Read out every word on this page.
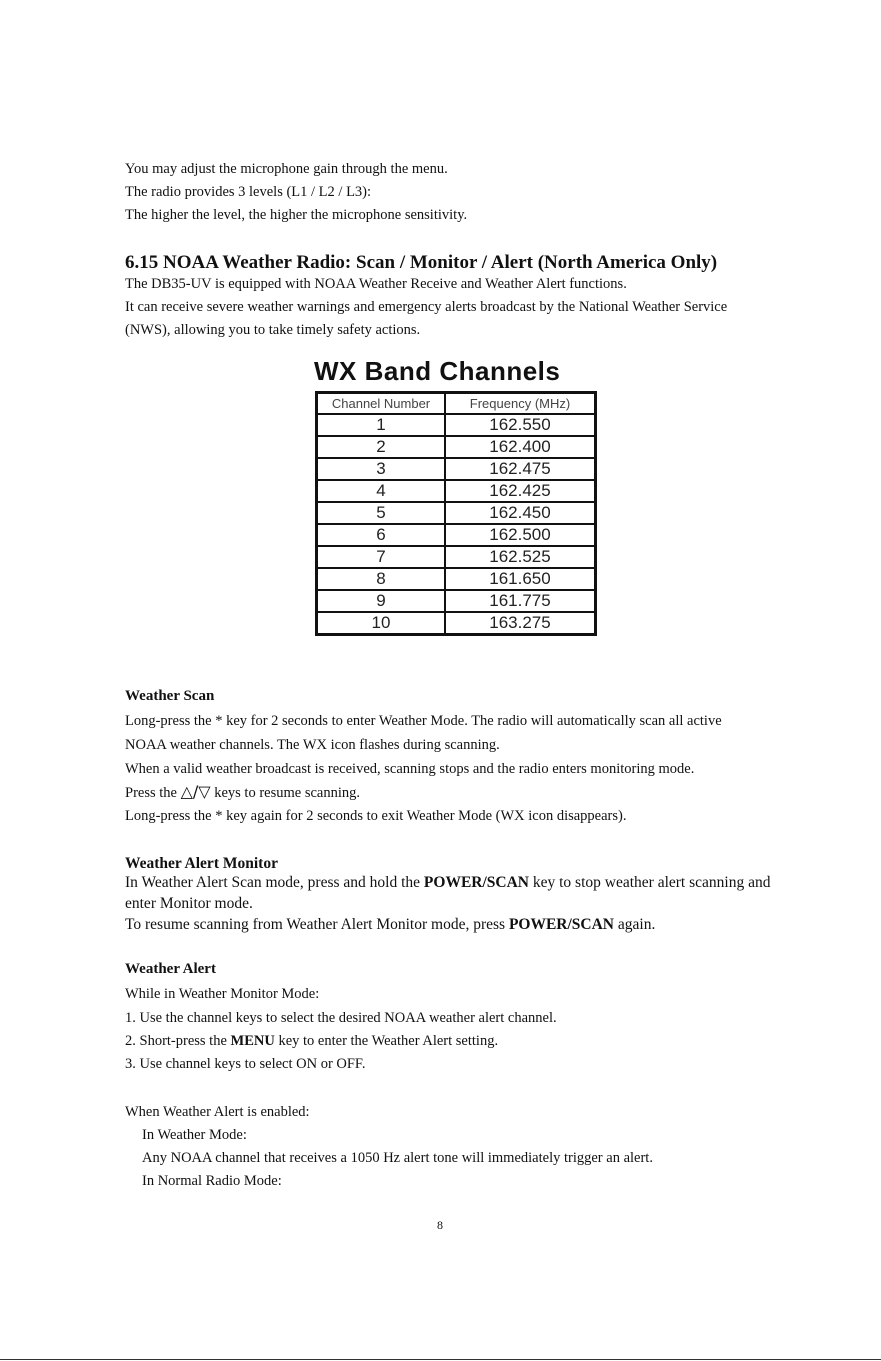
You may adjust the microphone gain through the menu.
The radio provides 3 levels (L1 / L2 / L3):
The higher the level, the higher the microphone sensitivity.
6.15 NOAA Weather Radio: Scan / Monitor / Alert (North America Only)
The DB35-UV is equipped with NOAA Weather Receive and Weather Alert functions.
It can receive severe weather warnings and emergency alerts broadcast by the National Weather Service
(NWS), allowing you to take timely safety actions.
WX Band Channels
Channel Number	Frequency (MHz)
1	162.550
2	162.400
3	162.475
4	162.425
5	162.450
6	162.500
7	162.525
8	161.650
9	161.775
10	163.275
Weather Scan
Long-press the * key for 2 seconds to enter Weather Mode. The radio will automatically scan all active
NOAA weather channels. The WX icon flashes during scanning.
When a valid weather broadcast is received, scanning stops and the radio enters monitoring mode.
Press the △/▽ keys to resume scanning.
Long-press the * key again for 2 seconds to exit Weather Mode (WX icon disappears).
Weather Alert Monitor
In Weather Alert Scan mode, press and hold the POWER/SCAN key to stop weather alert scanning and
enter Monitor mode.
To resume scanning from Weather Alert Monitor mode, press POWER/SCAN again.
Weather Alert
While in Weather Monitor Mode:
1. Use the channel keys to select the desired NOAA weather alert channel.
2. Short-press the MENU key to enter the Weather Alert setting.
3. Use channel keys to select ON or OFF.
When Weather Alert is enabled:
In Weather Mode:
Any NOAA channel that receives a 1050 Hz alert tone will immediately trigger an alert.
In Normal Radio Mode:
8
